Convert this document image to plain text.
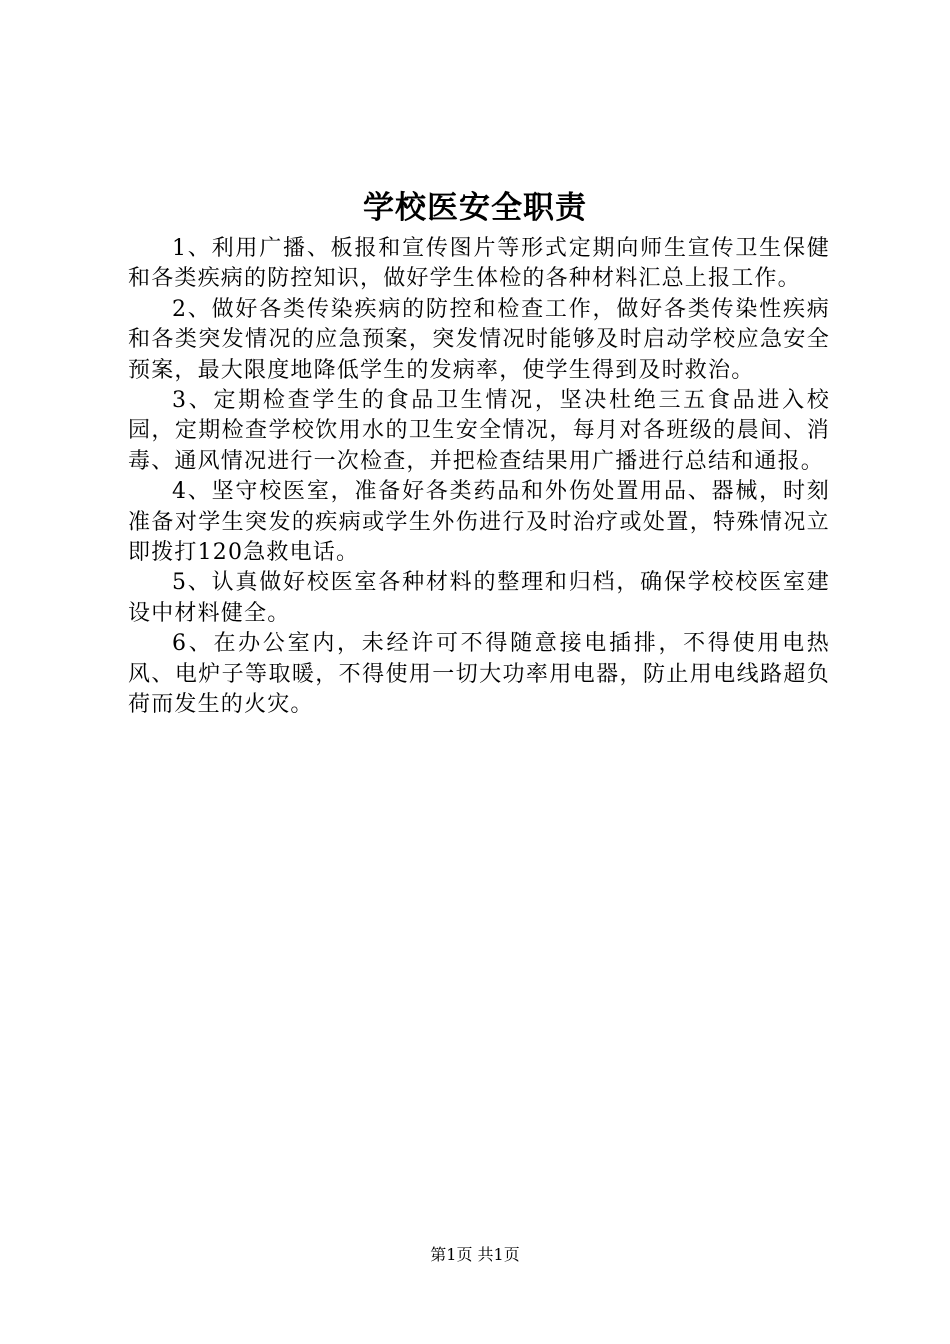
学校医安全职责

1、利用广播、板报和宣传图片等形式定期向师生宣传卫生保健和各类疾病的防控知识，做好学生体检的各种材料汇总上报工作。

2、做好各类传染疾病的防控和检查工作，做好各类传染性疾病和各类突发情况的应急预案，突发情况时能够及时启动学校应急安全预案，最大限度地降低学生的发病率，使学生得到及时救治。

3、定期检查学生的食品卫生情况，坚决杜绝三五食品进入校园，定期检查学校饮用水的卫生安全情况，每月对各班级的晨间、消毒、通风情况进行一次检查，并把检查结果用广播进行总结和通报。

4、坚守校医室，准备好各类药品和外伤处置用品、器械，时刻准备对学生突发的疾病或学生外伤进行及时治疗或处置，特殊情况立即拨打120急救电话。

5、认真做好校医室各种材料的整理和归档，确保学校校医室建设中材料健全。

6、在办公室内，未经许可不得随意接电插排，不得使用电热风、电炉子等取暖，不得使用一切大功率用电器，防止用电线路超负荷而发生的火灾。

第1页 共1页
